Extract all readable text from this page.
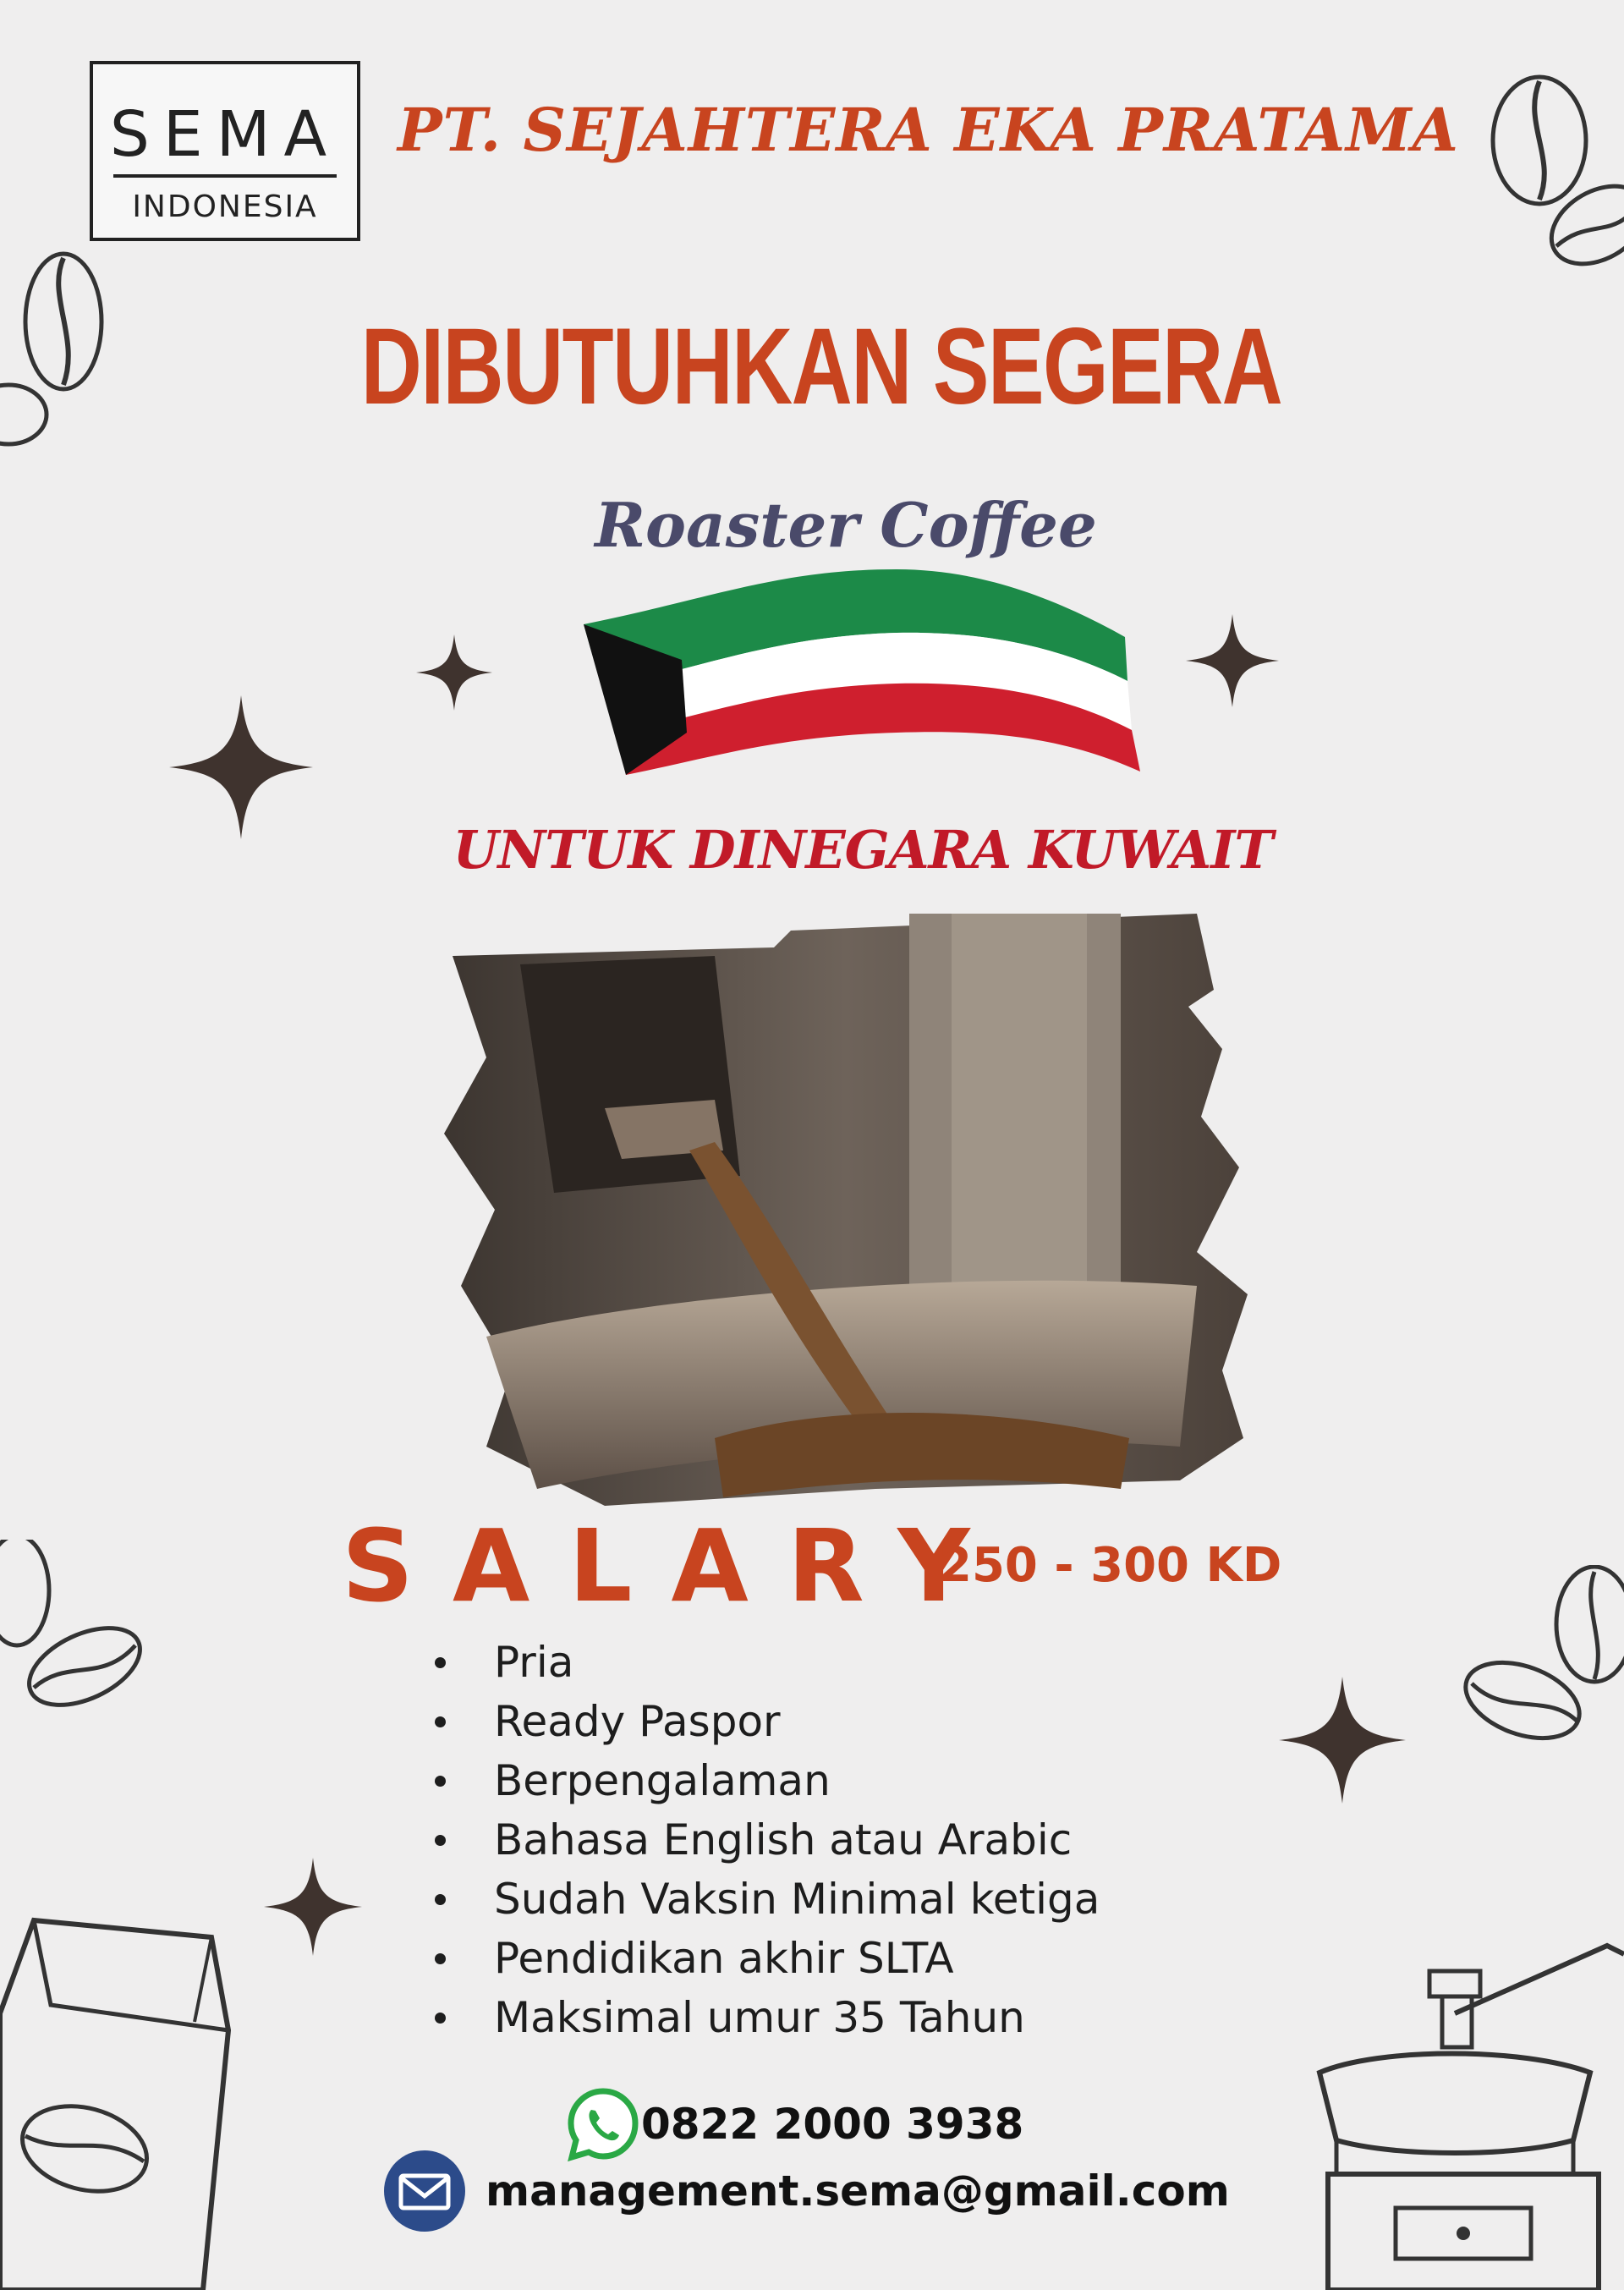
SEMA
INDONESIA
PT. SEJAHTERA EKA PRATAMA
DIBUTUHKAN SEGERA
Roaster Coffee
UNTUK DINEGARA KUWAIT
SALARY
250 - 300 KD
Pria
Ready Paspor
Berpengalaman
Bahasa English atau Arabic
Sudah Vaksin Minimal ketiga
Pendidikan akhir SLTA
Maksimal umur 35 Tahun
0822 2000 3938
management.sema@gmail.com
